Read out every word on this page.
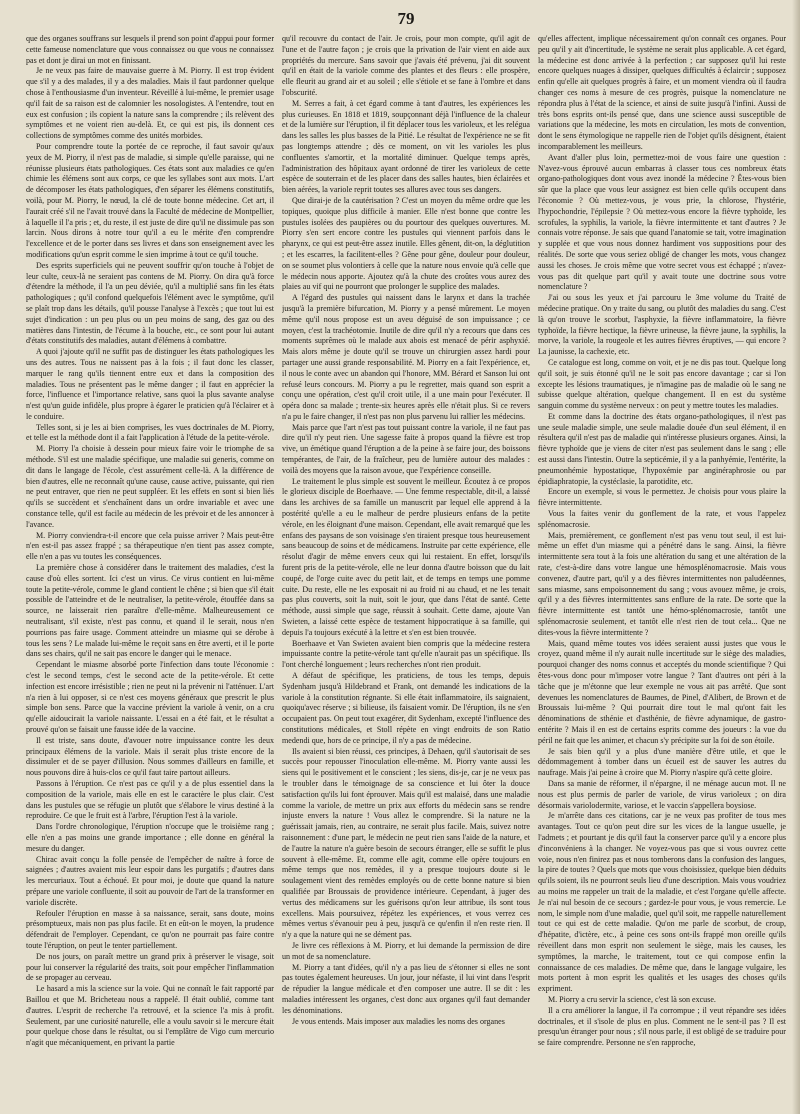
79

que des organes souffrans sur lesquels il prend son point d'appui pour former cette fameuse nomenclature que vous connaissez ou que vous ne connaissez pas et dont je dirai un mot en finissant.

Je ne veux pas faire de mauvaise guerre à M. Piorry. Il est trop évident que s'il y a des malades, il y a des maladies. Mais il faut pardonner quelque chose à l'enthousiasme d'un inventeur. Réveillé à lui-même, le premier usage qu'il fait de sa raison est de calomnier les nosologistes. A l'entendre, tout en eux est confusion ; ils copient la nature sans la comprendre ; ils relèvent des symptômes et ne voient rien au-delà. Et, ce qui est pis, ils donnent ces collections de symptômes comme des unités morbides.

Pour comprendre toute la portée de ce reproche, il faut savoir qu'aux yeux de M. Piorry, il n'est pas de maladie, si simple qu'elle paraisse, qui ne réunisse plusieurs états pathologiques. Ces états sont aux maladies ce qu'en chimie les élémens sont aux corps, ce que les syllabes sont aux mots. L'art de décomposer les états pathologiques, d'en séparer les élémens constitutifs, voilà, pour M. Piorry, le nœud, la clé de toute bonne médecine. Cet art, il l'aurait créé s'il ne l'avait trouvé dans la Faculté de médecine de Montpellier, à laquelle il l'a pris ; et, du reste, il est juste de dire qu'il ne dissimule pas son larcin. Nous dirons à notre tour qu'il a eu le mérite d'en comprendre l'excellence et de le porter dans ses livres et dans son enseignement avec les modifications qu'un esprit comme le sien imprime à tout ce qu'il touche.

Des esprits superficiels qui ne peuvent souffrir qu'on touche à l'objet de leur culte, ceux-là ne seraient pas contens de M. Piorry. On dira qu'à force d'étendre la méthode, il l'a un peu déviée, qu'il a multiplié sans fin les états pathologiques ; qu'il confond quelquefois l'élément avec le symptôme, qu'il se plaît trop dans les détails, qu'il pousse l'analyse à l'excès ; que tout lui est sujet d'indication : un peu plus ou un peu moins de sang, des gaz ou des matières dans l'intestin, de l'écume à la bouche, etc., ce sont pour lui autant d'états constitutifs des maladies, autant d'élémens à combattre.

A quoi j'ajoute qu'il ne suffit pas de distinguer les états pathologiques les uns des autres. Tous ne naissent pas à la fois ; il faut donc les classer, marquer le rang qu'ils tiennent entre eux et dans la composition des maladies. Tous ne présentent pas le même danger ; il faut en apprécier la force, l'influence et l'importance relative, sans quoi la plus savante analyse n'est qu'un guide infidèle, plus propre à égarer le praticien qu'à l'éclairer et à le conduire.

Telles sont, si je les ai bien comprises, les vues doctrinales de M. Piorry, et telle est la méthode dont il a fait l'application à l'étude de la petite-vérole.

M. Piorry l'a choisie à dessein pour mieux faire voir le triomphe de sa méthode. S'il est une maladie spécifique, une maladie sui generis, comme on dit dans le langage de l'école, c'est assurément celle-là. A la différence de bien d'autres, elle ne reconnaît qu'une cause, cause active, puissante, qui rien ne peut entraver, que rien ne peut suppléer. Et les effets en sont si bien liés qu'ils se succèdent et s'enchaînent dans un ordre invariable et avec une constance telle, qu'il est facile au médecin de les prévoir et de les annoncer à l'avance.

M. Piorry conviendra-t-il encore que cela puisse arriver ? Mais peut-être n'en est-il pas assez frappé ; sa thérapeutique n'en tient pas assez compte, elle n'en a pas vu toutes les conséquences.

La première chose à considérer dans le traitement des maladies, c'est la cause d'où elles sortent. Ici c'est un virus. Ce virus contient en lui-même toute la petite-vérole, comme le gland contient le chêne ; si bien que s'il était possible de l'atteindre et de le neutraliser, la petite-vérole, étouffée dans sa source, ne laisserait rien paraître d'elle-même. Malheureusement ce neutralisant, s'il existe, n'est pas connu, et quand il le serait, nous n'en pourrions pas faire usage. Comment atteindre un miasme qui se dérobe à tous les sens ? Le malade lui-même le reçoit sans en être averti, et il le porte dans ses chairs, qu'il ne sait pas encore le danger qui le menace.

Cependant le miasme absorbé porte l'infection dans toute l'économie : c'est le second temps, c'est le second acte de la petite-vérole. Et cette infection est encore irrésistible ; rien ne peut ni la prévenir ni l'atténuer. L'art n'a rien à lui opposer, si ce n'est ces moyens généraux que prescrit le plus simple bon sens. Parce que la vaccine prévient la variole à venir, on a cru qu'elle aidoucirait la variole naissante. L'essai en a été fait, et le résultat a prouvé qu'on se faisait une fausse idée de la vaccine.

Il est triste, sans doute, d'avouer notre impuissance contre les deux principaux élémens de la variole. Mais il serait plus triste encore de la dissimuler et de se payer d'illusion. Nous sommes d'ailleurs en famille, et nous pouvons dire à huis-clos ce qu'il faut taire partout ailleurs.

Passons à l'éruption. Ce n'est pas ce qu'il y a de plus essentiel dans la composition de la variole, mais elle en est le caractère le plus clair. C'est dans les pustules que se réfugie un plutôt que s'élabore le virus destiné à la reproduire. Ce que le fruit est à l'arbre, l'éruption l'est à la variole.

Dans l'ordre chronologique, l'éruption n'occupe que le troisième rang ; elle n'en a pas moins une grande importance ; elle donne en général la mesure du danger.

Chirac avait conçu la folle pensée de l'empêcher de naître à force de saignées ; d'autres avaient mis leur espoir dans les purgatifs ; d'autres dans les mercuriaux. Tout a échoué. Et pour moi, je doute que quand la nature prépare une variole confluente, il soit au pouvoir de l'art de la transformer en variole discrète.

Refouler l'éruption en masse à sa naissance, serait, sans doute, moins présomptueux, mais non pas plus facile. Et en eût-on le moyen, la prudence défendrait de l'employer. Cependant, ce qu'on ne pourrait pas faire contre toute l'éruption, on peut le tenter partiellement.

De nos jours, on paraît mettre un grand prix à préserver le visage, soit pour lui conserver la régularité des traits, soit pour empêcher l'inflammation de se propager au cerveau.

Le hasard a mis la science sur la voie. Qui ne connaît le fait rapporté par Baillou et que M. Bricheteau nous a rappelé. Il était oublié, comme tant d'autres. L'esprit de recherche l'a retrouvé, et la science l'a mis à profit. Seulement, par une curiosité naturelle, elle a voulu savoir si le mercure était pour quelque chose dans le résultat, ou si l'emplâtre de Vigo cum mercurio n'agit que mécaniquement, en privant la partie

qu'il recouvre du contact de l'air. Je crois, pour mon compte, qu'il agit de l'une et de l'autre façon ; je crois que la privation de l'air vient en aide aux propriétés du mercure. Sans savoir que j'avais été prévenu, j'ai dit souvent qu'il en était de la variole comme des plantes et des fleurs : elle prospère, elle fleurit au grand air et au soleil ; elle s'étiole et se fane à l'ombre et dans l'obscurité.

M. Serres a fait, à cet égard comme à tant d'autres, les expériences les plus curieuses. En 1818 et 1819, soupçonnant déjà l'influence de la chaleur et de la lumière sur l'éruption, il fit déplacer tous les varioleux, et les relégua dans les salles les plus basses de la Pitié. Le résultat de l'expérience ne se fit pas longtemps attendre ; dès ce moment, on vit les varioles les plus confluentes s'amortir, et la mortalité diminuer. Quelque temps après, l'administration des hôpitaux ayant ordonné de tirer les varioleux de cette espèce de souterrain et de les placer dans des salles hautes, bien éclairées et bien aérées, la variole reprit toutes ses allures avec tous ses dangers.

Que dirai-je de la cautérisation ? C'est un moyen du même ordre que les topiques, quoique plus difficile à manier. Elle n'est bonne que contre les pustules isolées des paupières ou du pourtour des quelques ouvertures. M. Piorry s'en sert encore contre les pustules qui viennent parfois dans le pharynx, ce qui est peut-être assez inutile. Elles gênent, dit-on, la déglutition ; et les escarres, la facilitent-elles ? Gêne pour gêne, douleur pour douleur, on se soumet plus volontiers à celle que la nature nous envoie qu'à celle que le médecin nous apporte. Ajoutez qu'à la chute des croûtes vous aurez des plaies au vif qui ne pourront que prolonger le supplice des malades.

A l'égard des pustules qui naissent dans le larynx et dans la trachée jusqu'à la première bifurcation, M. Piorry y a pensé mûrement. Le moyen même qu'il nous propose est un aveu déguisé de son impuissance ; ce moyen, c'est la trachéotomie. Inutile de dire qu'il n'y a recours que dans ces moments suprêmes où le malade aux abois est menacé de périr asphyxié. Mais alors même je doute qu'il se trouve un chirurgien assez hardi pour partager une aussi grande responsabilité. M. Piorry en a fait l'expérience, et, il nous le conte avec un abandon qui l'honore, MM. Bérard et Sanson lui ont refusé leurs concours. M. Piorry a pu le regretter, mais quand son esprit a conçu une opération, c'est qu'il croit utile, il a une main pour l'exécuter. Il opéra donc sa malade ; trente-six heures après elle n'était plus. Si ce revers n'a pu le faire changer, il n'est pas non plus parvenu lui rallier les médecins.

Mais parce que l'art n'est pas tout puissant contre la variole, il ne faut pas dire qu'il n'y peut rien. Une sagesse faite à propos quand la fièvre est trop vive, un émétique quand l'éruption a de la peine à se faire jour, des boissons tempérantes, de l'air, de la fraîcheur, peu de lumière autour des malades : voilà des moyens que la raison avoue, que l'expérience conseille.

Le traitement le plus simple est souvent le meilleur. Écoutez à ce propos le glorieux disciple de Boerhaave. — Une femme respectable, dit-il, a laissé dans les archives de sa famille un manuscrit par lequel elle apprend à la postérité qu'elle a eu le malheur de perdre plusieurs enfans de la petite vérole, en les éloignant d'une maison. Cependant, elle avait remarqué que les enfans des paysans de son voisinage s'en tiraient presque tous heureusement sans beaucoup de soins et de médicamens. Instruite par cette expérience, elle résolut d'agir de même envers ceux qui lui restaient. En effet, lorsqu'ils furent pris de la petite-vérole, elle ne leur donna d'autre boisson que du lait coupé, de l'orge cuite avec du petit lait, et de temps en temps une pomme cuite. Du reste, elle ne les exposait ni au froid ni au chaud, et ne les tenait pas plus couverts, soit la nuit, soit le jour, que dans l'état de santé. Cette méthode, aussi simple que sage, réussit à souhait. Cette dame, ajoute Van Swieten, a laissé cette espèce de testament hippocratique à sa famille, qui depuis l'a toujours exécuté à la lettre et s'en est bien trouvée.

Boerhaave et Van Swieten avaient bien compris que la médecine restera impuissante contre la petite-vérole tant qu'elle n'aurait pas un spécifique. Ils l'ont cherché longuement ; leurs recherches n'ont rien produit.

A défaut de spécifique, les praticiens, de tous les temps, depuis Sydenham jusqu'à Hildebrand et Frank, ont demandé les indications de la variole à la constitution régnante. Si elle était inflammatoire, ils saignaient, quoiqu'avec réserve ; si bilieuse, ils faisaient vomir. De l'éruption, ils ne s'en occupaient pas. On peut tout exagérer, dit Sydenham, excepté l'influence des constitutions médicales, et Stoll répète en vingt endroits de son Ratio medendi que, hors de ce principe, il n'y a pas de médecine.

Ils avaient si bien réussi, ces principes, à Dehaen, qu'il s'autorisait de ses succès pour repousser l'inoculation elle-même. M. Piorry vante aussi les siens qui le positivement et le conscient ; les siens, dis-je, car je ne veux pas le troubler dans le témoignage de sa conscience et lui ôter la douce satisfaction qu'ils lui font éprouver. Mais qu'il est malaisé, dans une maladie comme la variole, de mettre un prix aux efforts du médecin sans se rendre injuste envers la nature ! Vous allez le comprendre. Si la nature ne la guérissait jamais, rien, au contraire, ne serait plus facile. Mais, suivez notre raisonnement : d'une part, le médecin ne peut rien sans l'aide de la nature, et de l'autre la nature n'a guère besoin de secours étranger, elle se suffit le plus souvent à elle-même. Et, comme elle agit, comme elle opère toujours en même temps que nos remèdes, il y a presque toujours doute si le soulagement vient des remèdes employés ou de cette bonne nature si bien qualifiée par Broussais de providence intérieure. Cependant, à juger des vertus des médicamens sur les guérisons qu'on leur attribue, ils sont tous excellens. Mais poursuivez, répétez les expériences, et vous verrez ces mêmes vertus s'évanouir peu à peu, jusqu'à ce qu'enfin il n'en reste rien. Il n'y a que la nature qui ne se dément pas.

Je livre ces réflexions à M. Piorry, et lui demande la permission de dire un mot de sa nomenclature.

M. Piorry a tant d'idées, qu'il n'y a pas lieu de s'étonner si elles ne sont pas toutes également heureuses. Un jour, jour néfaste, il lui vint dans l'esprit de répudier la langue médicale et d'en composer une autre. Il se dit : les maladies intéressent les organes, c'est donc aux organes qu'il faut demander les dénominations.

Je vous entends. Mais imposer aux maladies les noms des organes

qu'elles affectent, implique nécessairement qu'on connaît ces organes. Pour peu qu'il y ait d'incertitude, le système ne serait plus applicable. A cet égard, la médecine est donc arrivée à la perfection ; car supposez qu'il lui reste encore quelques nuages à dissiper, quelques difficultés à éclaircir ; supposez enfin qu'elle ait quelques progrès à faire, et un moment viendra où il faudra changer ces noms à mesure de ces progrès, puisque la nomenclature ne répondra plus à l'état de la science, et ainsi de suite jusqu'à l'infini. Aussi de très bons esprits ont-ils pensé que, dans une science aussi susceptible de variations que la médecine, les mots en circulation, les mots de convention, dont le sens étymologique ne rappelle rien de l'objet qu'ils désignent, étaient incomparablement les meilleurs.

Avant d'aller plus loin, permettez-moi de vous faire une question : N'avez-vous éprouvé aucun embarras à classer tous ces nombreux états organo-pathologiques dont vous avez inondé la médecine ? Êtes-vous bien sûr que la place que vous leur assignez est bien celle qu'ils occupent dans l'économie ? Où mettez-vous, je vous prie, la chlorose, l'hystérie, l'hypochondrie, l'épilepsie ? Où mettez-vous encore la fièvre typhoïde, les scrofules, la syphilis, la variole, la fièvre intermittente et tant d'autres ? Je connais votre réponse. Je sais que quand l'anatomie se tait, votre imagination y supplée et que vous nous donnez hardiment vos suppositions pour des réalités. De sorte que vous seriez obligé de changer les mots, vous changez aussi les choses. Je crois même que votre secret vous est échappé ; n'avez-vous pas dit quelque part qu'il y avait toute une doctrine sous votre nomenclature ?

J'ai ou sous les yeux et j'ai parcouru le 3me volume du Traité de médecine pratique. On y traite du sang, ou plutôt des maladies du sang. C'est là qu'on trouve le scorbut, l'asphyxie, la fièvre inflammatoire, la fièvre typhoïde, la fièvre hectique, la fièvre urineuse, la fièvre jaune, la syphilis, la morve, la variole, la rougeole et les autres fièvres éruptives, — qui encore ? La jaunisse, la cachexie, etc.

Ce catalogue est long, comme on voit, et je ne dis pas tout. Quelque long qu'il soit, je suis étonné qu'il ne le soit pas encore davantage ; car si l'on excepte les lésions traumatiques, je n'imagine pas de maladie où le sang ne subisse quelque altération, quelque changement. Il en est du système sanguin comme du système nerveux : on peut y mettre toutes les maladies.

Et comme dans la doctrine des états organo-pathologiques, il n'est pas une seule maladie simple, une seule maladie douée d'un seul élément, il en résultera qu'il n'est pas de maladie qui n'intéresse plusieurs organes. Ainsi, la fièvre typhoïde que je viens de citer n'est pas seulement dans le sang ; elle est aussi dans l'intestin. Outre la septicémie, il y a la panhyémie, l'entérite, la pneumonhémie hypostatique, l'hypoxémie par anginéraphrosie ou par épidiaphratopie, la cystéclasie, la parotidite, etc.

Encore un exemple, si vous le permettez. Je choisis pour vous plaire la fièvre intermittente.

Vous la faites venir du gonflement de la rate, et vous l'appelez splénomacrosie.

Mais, premièrement, ce gonflement n'est pas venu tout seul, il est lui-même un effet d'un miasme qui a pénétré dans le sang. Ainsi, la fièvre intermittente sera tout à la fois une altération du sang et une altération de la rate, c'est-à-dire dans votre langue une hémosplénomacrosie. Mais vous convenez, d'autre part, qu'il y a des fièvres intermittentes non paludéennes, sans miasme, sans empoisonnement du sang ; vous avouez même, je crois, qu'il y a des fièvres intermittentes sans enflure de la rate. De sorte que la fièvre intermittente est tantôt une hémo-splénomacrosie, tantôt une splénomacrosie seulement, et tantôt elle n'est rien de tout cela... Que ne dites-vous la fièvre intermittente ?

Mais, quand même toutes vos idées seraient aussi justes que vous le croyez, quand même il n'y aurait nulle incertitude sur le siège des maladies, pourquoi changer des noms connus et acceptés du monde scientifique ? Qui êtes-vous donc pour m'imposer votre langue ? Tant d'autres ont péri à la tâche que je m'étonne que leur exemple ne vous ait pas arrêté. Que sont devenues les nomenclatures de Baumes, de Pinel, d'Alibert, de Brown et de Broussais lui-même ? Qui pourrait dire tout le mal qu'ont fait les dénominations de sthénie et d'asthénie, de fièvre adynamique, de gastro-entérite ? Mais il en est de certains esprits comme des joueurs : la vue du péril ne fait que les animer, et chacun s'y précipite sur la foi de son étoile.

Je sais bien qu'il y a plus d'une manière d'être utile, et que le dédommagement à tomber dans un écueil est de sauver les autres du naufrage. Mais j'ai peine à croire que M. Piorry n'aspire qu'à cette gloire.

Dans sa manie de réformer, il n'épargne, il ne ménage aucun mot. Il ne nous est plus permis de parler de variole, de virus varioleux ; on dira désormais variolodermite, variose, et le vaccin s'appellera boysiose.

Je m'arrête dans ces citations, car je ne veux pas profiter de tous mes avantages. Tout ce qu'on peut dire sur les vices de la langue usuelle, je l'admets ; et pourtant je dis qu'il faut la conserver parce qu'il y a encore plus d'inconvéniens à la changer. Ne voyez-vous pas que si vous ouvrez cette voie, nous n'en finirez pas et nous tomberons dans la confusion des langues, la pire de toutes ? Quels que mots que vous choisissiez, quelque bien déduits qu'ils soient, ils ne pourront seuls lieu d'une description. Mais vous voudriez au moins me rappeler un trait de la maladie, et c'est l'organe qu'elle affecte. Je n'ai nul besoin de ce secours ; gardez-le pour vous, je vous remercie. Le nom, le simple nom d'une maladie, quel qu'il soit, me rappelle naturellement tout ce qui est de cette maladie. Qu'on me parle de scorbut, de croup, d'hépatite, d'ictère, etc., à peine ces sons ont-ils frappé mon oreille qu'ils réveillent dans mon esprit non seulement le siège, mais les causes, les symptômes, la marche, le traitement, tout ce qui compose enfin la connaissance de ces maladies. De même que, dans le langage vulgaire, les mots portent à mon esprit les qualités et les usages des choses qu'ils expriment.

M. Piorry a cru servir la science, c'est là son excuse.

Il a cru améliorer la langue, il l'a corrompue ; il veut répandre ses idées doctrinales, et il s'isole de plus en plus. Comment ne le sent-il pas ? Il est presqu'un étranger pour nous ; s'il nous parle, il est obligé de se traduire pour se faire comprendre. Personne ne s'en rapproche,
